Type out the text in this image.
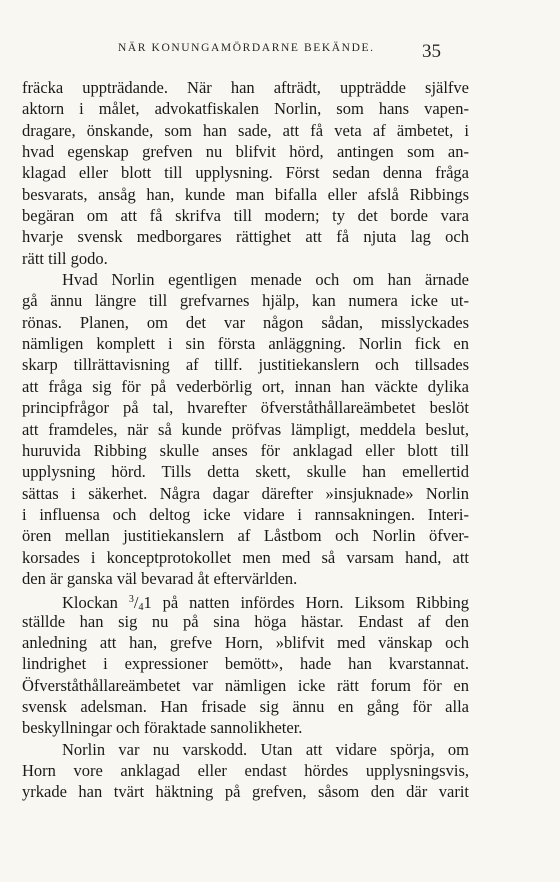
NÄR KONUNGAMÖRDARNE BEKÄNDE. 35
fräcka uppträdande. När han afträdt, uppträdde själfve
aktorn i målet, advokatfiskalen Norlin, som hans vapen-
dragare, önskande, som han sade, att få veta af ämbetet, i
hvad egenskap grefven nu blifvit hörd, antingen som an-
klagad eller blott till upplysning. Först sedan denna fråga
besvarats, ansåg han, kunde man bifalla eller afslå Ribbings
begäran om att få skrifva till modern; ty det borde vara
hvarje svensk medborgares rättighet att få njuta lag och
rätt till godo.
Hvad Norlin egentligen menade och om han ärnade
gå ännu längre till grefvarnes hjälp, kan numera icke ut-
rönas. Planen, om det var någon sådan, misslyckades
nämligen komplett i sin första anläggning. Norlin fick en
skarp tillrättavisning af tillf. justitiekanslern och tillsades
att fråga sig för på vederbörlig ort, innan han väckte dylika
principfrågor på tal, hvarefter öfverståthållareämbetet beslöt
att framdeles, när så kunde pröfvas lämpligt, meddela beslut,
huruvida Ribbing skulle anses för anklagad eller blott till
upplysning hörd. Tills detta skett, skulle han emellertid
sättas i säkerhet. Några dagar därefter »insjuknade» Norlin
i influensa och deltog icke vidare i rannsakningen. Interi-
ören mellan justitiekanslern af Låstbom och Norlin öfver-
korsades i konceptprotokollet men med så varsam hand, att
den är ganska väl bevarad åt eftervärlden.
Klockan $^3/_41$ på natten infördes Horn. Liksom Ribbing
ställde han sig nu på sina höga hästar. Endast af den
anledning att han, grefve Horn, »blifvit med vänskap och
lindrighet i expressioner bemött», hade han kvarstannat.
Öfverståthållareämbetet var nämligen icke rätt forum för en
svensk adelsman. Han frisade sig ännu en gång för alla
beskyllningar och föraktade sannolikheter.
Norlin var nu varskodd. Utan att vidare spörja, om
Horn vore anklagad eller endast hördes upplysningsvis,
yrkade han tvärt häktning på grefven, såsom den där varit
